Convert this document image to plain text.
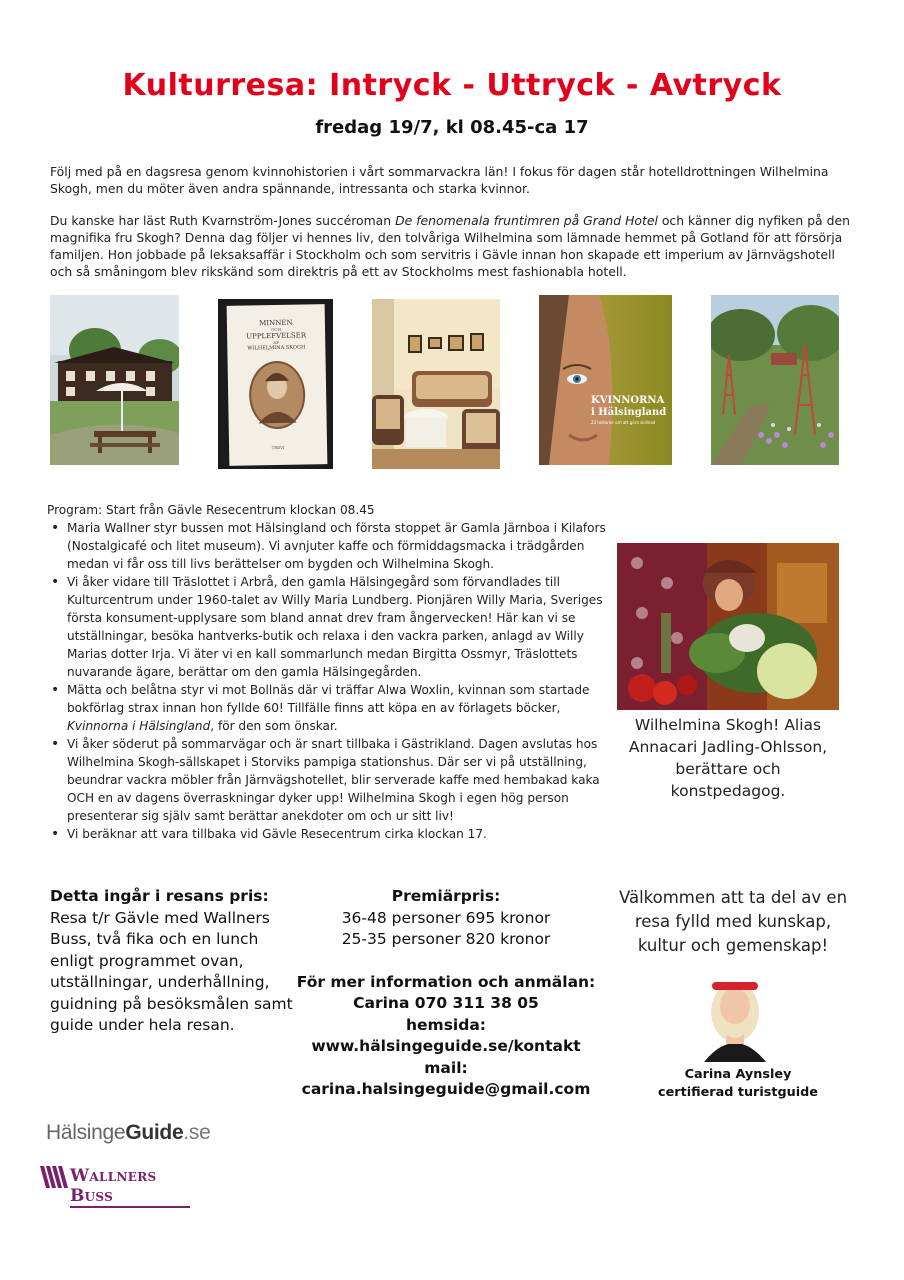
Kulturresa: Intryck - Uttryck - Avtryck
fredag 19/7, kl 08.45-ca 17

Följ med på en dagsresa genom kvinnohistorien i vårt sommarvackra län! I fokus för dagen står hotelldrottningen Wilhelmina Skogh, men du möter även andra spännande, intressanta och starka kvinnor.

Du kanske har läst Ruth Kvarnström-Jones succéroman De fenomenala fruntimren på Grand Hotel och känner dig nyfiken på den magnifika fru Skogh? Denna dag följer vi hennes liv, den tolvåriga Wilhelmina som lämnade hemmet på Gotland för att försörja familjen. Hon jobbade på leksaksaffär i Stockholm och som servitris i Gävle innan hon skapade ett imperium av Järnvägshotell och så småningom blev rikskänd som direktris på ett av Stockholms mest fashionabla hotell.

MINNEN
OCH
UPPLEFVELSER
AF
WILHELMINA SKOGH
TREVI
KVINNORNA
i Hälsingland
23 historier om att göra skillnad
Program: Start från Gävle Resecentrum klockan 08.45
• Maria Wallner styr bussen mot Hälsingland och första stoppet är Gamla Järnboa i Kilafors (Nostalgicafé och litet museum). Vi avnjuter kaffe och förmiddagsmacka i trädgården medan vi får oss till livs berättelser om bygden och Wilhelmina Skogh.
• Vi åker vidare till Träslottet i Arbrå, den gamla Hälsingegård som förvandlades till Kulturcentrum under 1960-talet av Willy Maria Lundberg. Pionjären Willy Maria, Sveriges första konsument-upplysare som bland annat drev fram ångervecken! Här kan vi se utställningar, besöka hantverks-butik och relaxa i den vackra parken, anlagd av Willy Marias dotter Irja. Vi äter vi en kall sommarlunch medan Birgitta Ossmyr, Träslottets nuvarande ägare, berättar om den gamla Hälsingegården.
• Mätta och belåtna styr vi mot Bollnäs där vi träffar Alwa Woxlin, kvinnan som startade bokförlag strax innan hon fyllde 60! Tillfälle finns att köpa en av förlagets böcker, Kvinnorna i Hälsingland, för den som önskar.
• Vi åker söderut på sommarvägar och är snart tillbaka i Gästrikland. Dagen avslutas hos Wilhelmina Skogh-sällskapet i Storviks pampiga stationshus. Där ser vi på utställning, beundrar vackra möbler från Järnvägshotellet, blir serverade kaffe med hembakad kaka OCH en av dagens överraskningar dyker upp! Wilhelmina Skogh i egen hög person presenterar sig själv samt berättar anekdoter om och ur sitt liv!
• Vi beräknar att vara tillbaka vid Gävle Resecentrum cirka klockan 17.
Wilhelmina Skogh! Alias Annacari Jadling-Ohlsson, berättare och konstpedagog.
Detta ingår i resans pris:
Resa t/r Gävle med Wallners Buss, två fika och en lunch enligt programmet ovan, utställningar, underhållning, guidning på besöksmålen samt guide under hela resan.
Premiärpris:
36-48 personer 695 kronor
25-35 personer 820 kronor
För mer information och anmälan:
Carina 070 311 38 05
hemsida:
www.hälsingeguide.se/kontakt
mail:
carina.halsingeguide@gmail.com
Välkommen att ta del av en resa fylld med kunskap, kultur och gemenskap!
Carina Aynsley
certifierad turistguide
HälsingeGuide.se
Wallners Buss
